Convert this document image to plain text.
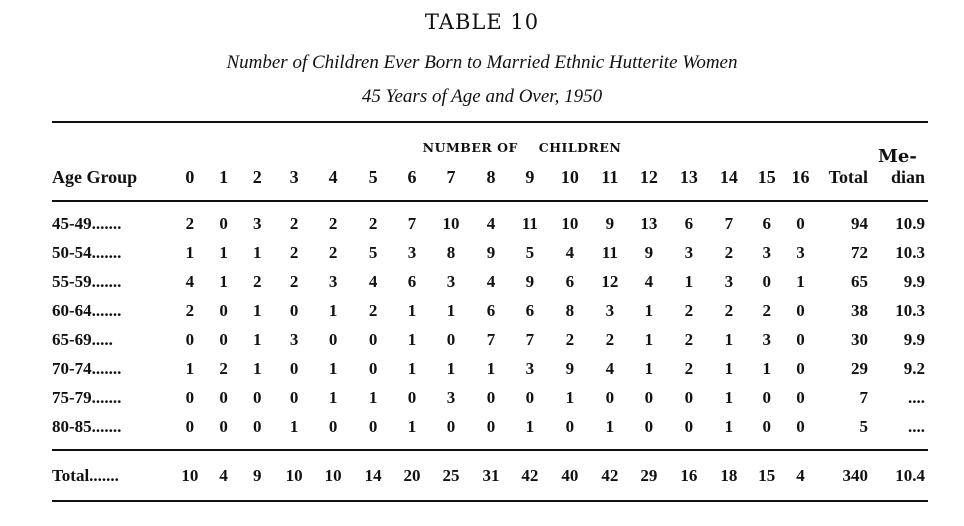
TABLE 10
Number of Children Ever Born to Married Ethnic Hutterite Women
45 Years of Age and Over, 1950
NUMBER OF CHILDREN	Me-
Age Group	0	1	2	3	4	5	6	7	8	9	10	11	12	13	14	15	16	Total	dian
45-49.......	2	0	3	2	2	2	7	10	4	11	10	9	13	6	7	6	0	94	10.9
50-54.......	1	1	1	2	2	5	3	8	9	5	4	11	9	3	2	3	3	72	10.3
55-59.......	4	1	2	2	3	4	6	3	4	9	6	12	4	1	3	0	1	65	9.9
60-64.......	2	0	1	0	1	2	1	1	6	6	8	3	1	2	2	2	0	38	10.3
65-69.....	0	0	1	3	0	0	1	0	7	7	2	2	1	2	1	3	0	30	9.9
70-74.......	1	2	1	0	1	0	1	1	1	3	9	4	1	2	1	1	0	29	9.2
75-79.......	0	0	0	0	1	1	0	3	0	0	1	0	0	0	1	0	0	7	....
80-85.......	0	0	0	1	0	0	1	0	0	1	0	1	0	0	1	0	0	5	....
Total.......	10	4	9	10	10	14	20	25	31	42	40	42	29	16	18	15	4	340	10.4
